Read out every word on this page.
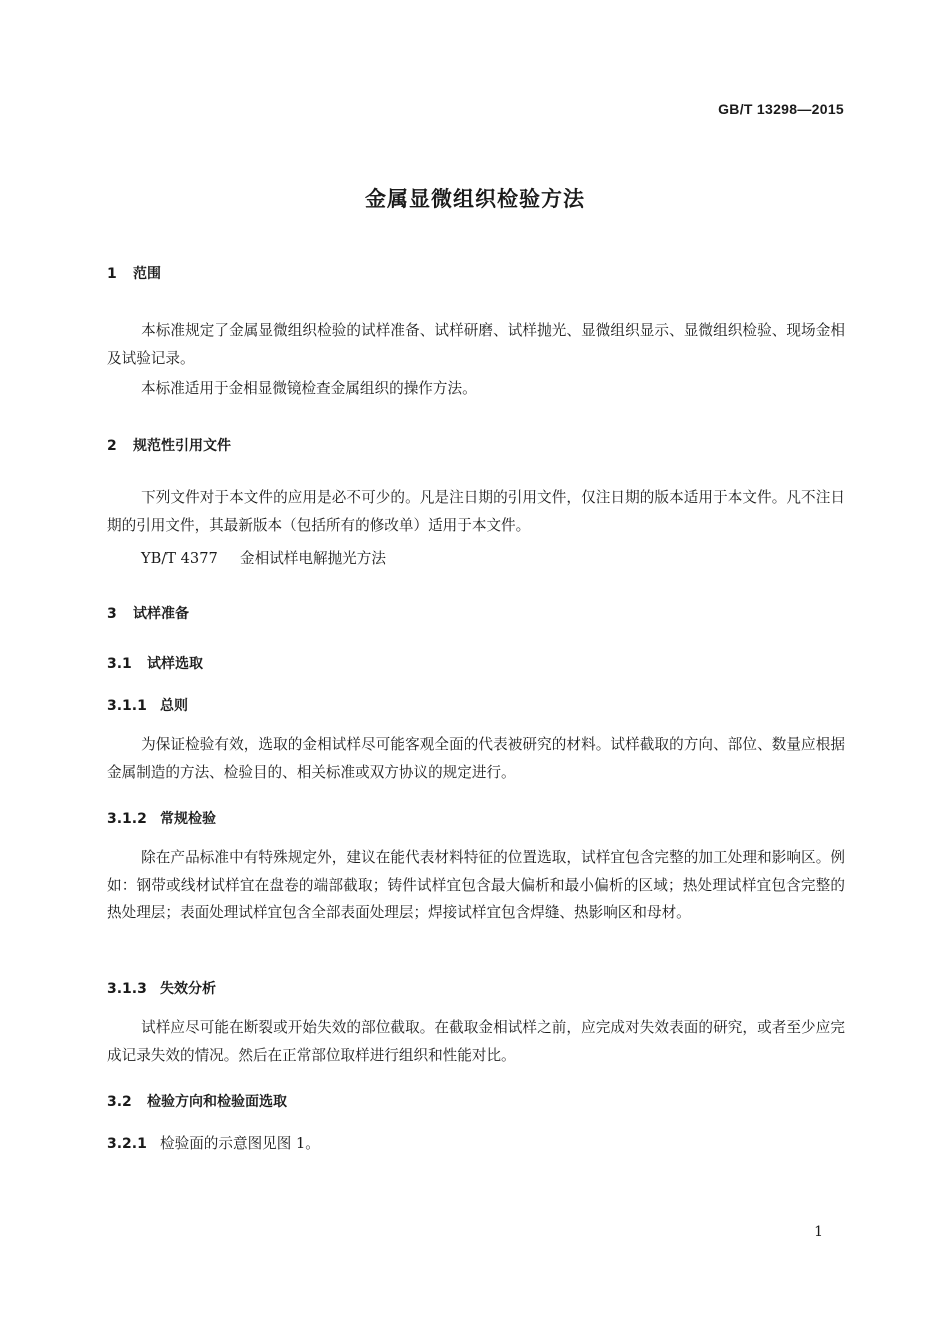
GB/T 13298—2015
金属显微组织检验方法
1 范围
本标准规定了金属显微组织检验的试样准备、试样研磨、试样抛光、显微组织显示、显微组织检验、现场金相及试验记录。
本标准适用于金相显微镜检查金属组织的操作方法。
2 规范性引用文件
下列文件对于本文件的应用是必不可少的。凡是注日期的引用文件，仅注日期的版本适用于本文件。凡不注日期的引用文件，其最新版本（包括所有的修改单）适用于本文件。
YB/T 4377 金相试样电解抛光方法
3 试样准备
3.1 试样选取
3.1.1 总则
为保证检验有效，选取的金相试样尽可能客观全面的代表被研究的材料。试样截取的方向、部位、数量应根据金属制造的方法、检验目的、相关标准或双方协议的规定进行。
3.1.2 常规检验
除在产品标准中有特殊规定外，建议在能代表材料特征的位置选取，试样宜包含完整的加工处理和影响区。例如：钢带或线材试样宜在盘卷的端部截取；铸件试样宜包含最大偏析和最小偏析的区域；热处理试样宜包含完整的热处理层；表面处理试样宜包含全部表面处理层；焊接试样宜包含焊缝、热影响区和母材。
3.1.3 失效分析
试样应尽可能在断裂或开始失效的部位截取。在截取金相试样之前，应完成对失效表面的研究，或者至少应完成记录失效的情况。然后在正常部位取样进行组织和性能对比。
3.2 检验方向和检验面选取
3.2.1 检验面的示意图见图 1。
1
